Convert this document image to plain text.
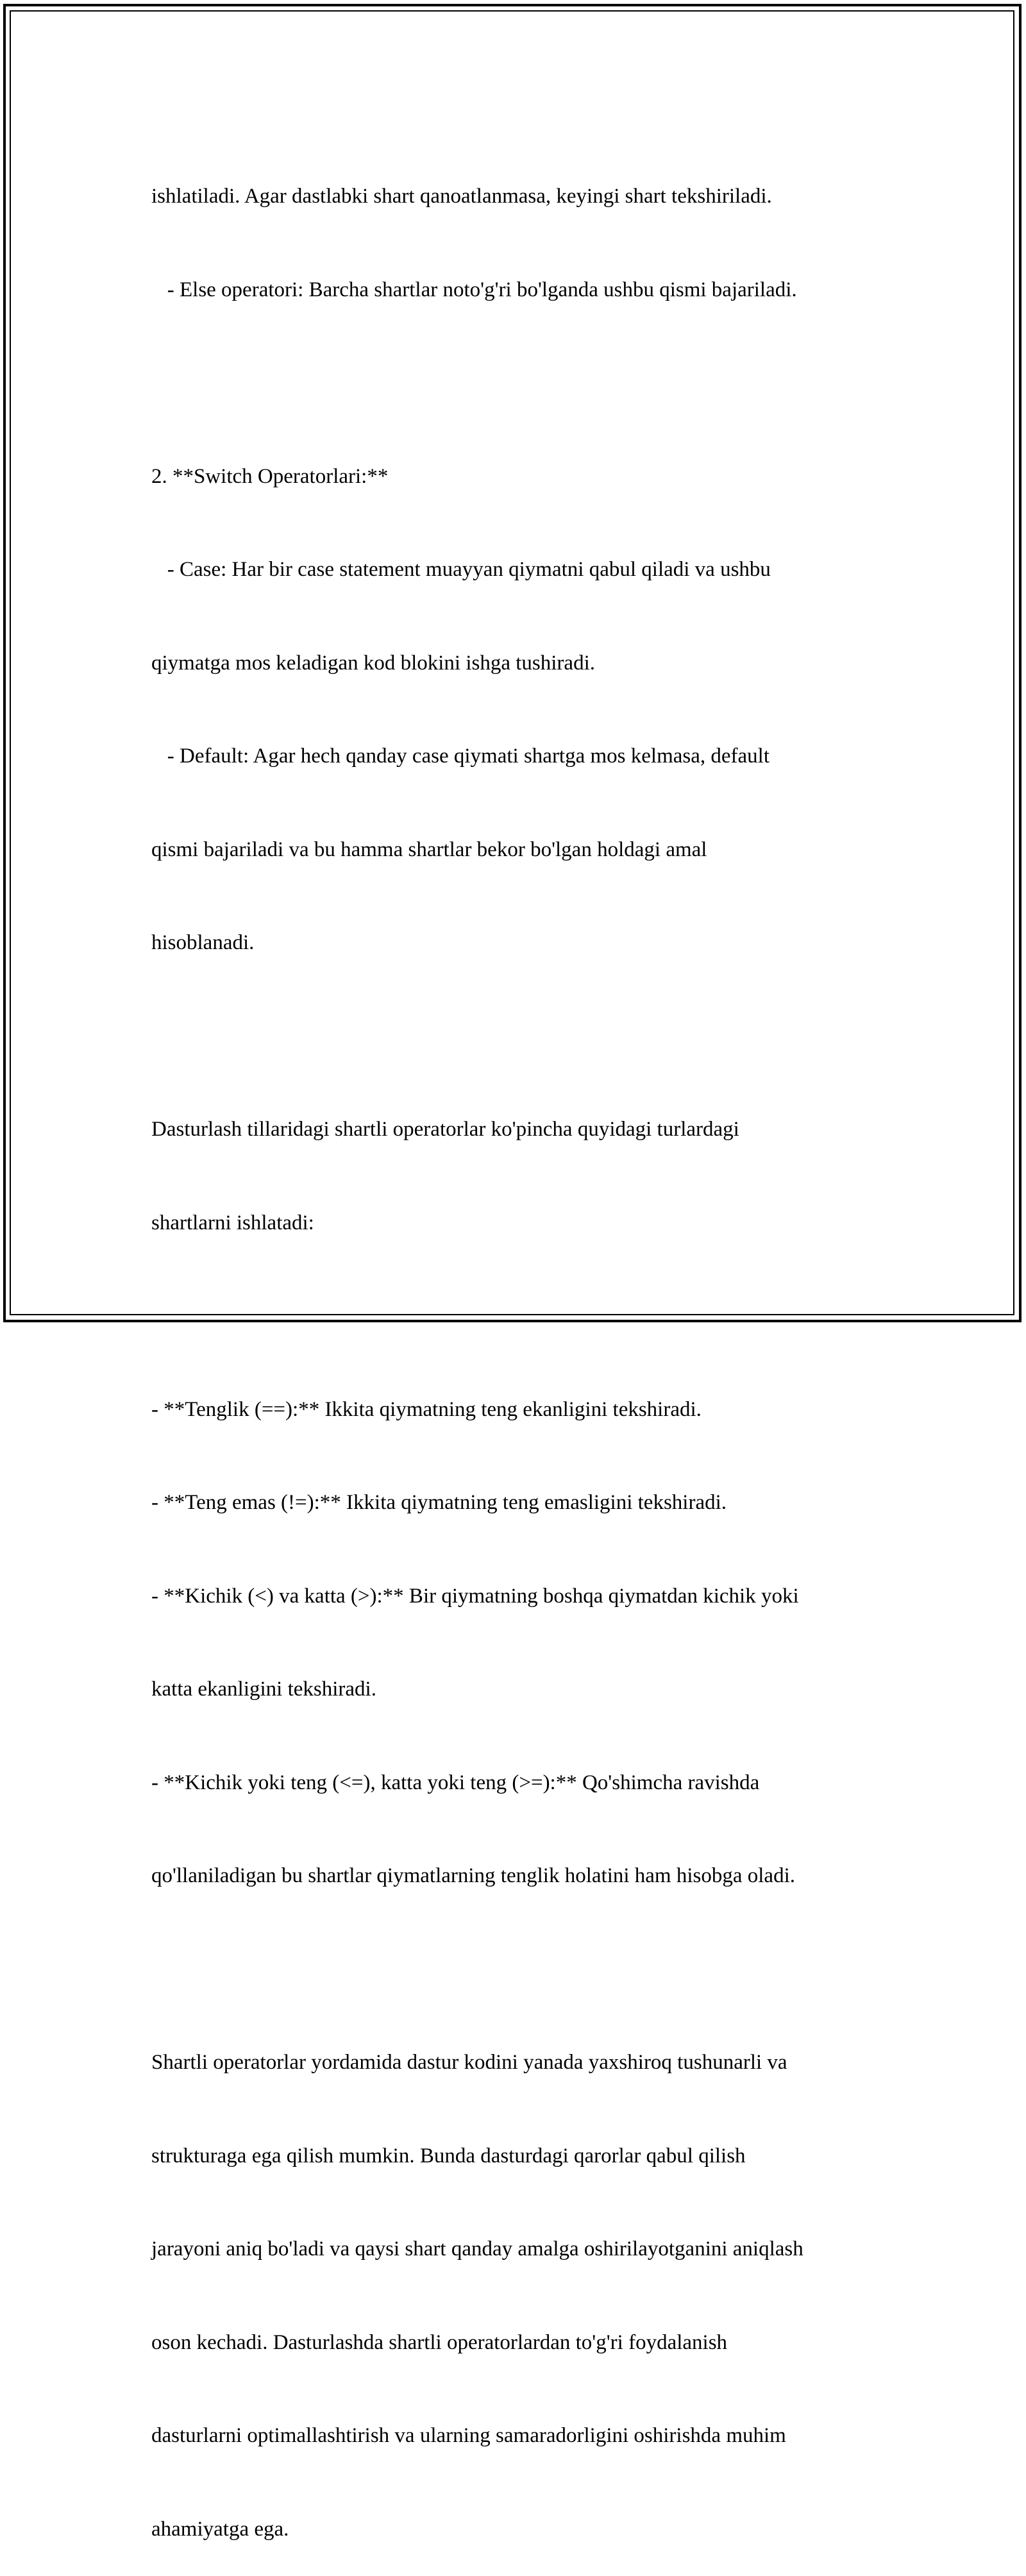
ishlatiladi. Agar dastlabki shart qanoatlanmasa, keyingi shart tekshiriladi.

- Else operatori: Barcha shartlar noto'g'ri bo'lganda ushbu qismi bajariladi.

2. **Switch Operatorlari:**

- Case: Har bir case statement muayyan qiymatni qabul qiladi va ushbu

qiymatga mos keladigan kod blokini ishga tushiradi.

- Default: Agar hech qanday case qiymati shartga mos kelmasa, default

qismi bajariladi va bu hamma shartlar bekor bo'lgan holdagi amal

hisoblanadi.

Dasturlash tillaridagi shartli operatorlar ko'pincha quyidagi turlardagi

shartlarni ishlatadi:

- **Tenglik (==):** Ikkita qiymatning teng ekanligini tekshiradi.

- **Teng emas (!=):** Ikkita qiymatning teng emasligini tekshiradi.

- **Kichik (<) va katta (>):** Bir qiymatning boshqa qiymatdan kichik yoki

katta ekanligini tekshiradi.

- **Kichik yoki teng (<=), katta yoki teng (>=):** Qo'shimcha ravishda

qo'llaniladigan bu shartlar qiymatlarning tenglik holatini ham hisobga oladi.

Shartli operatorlar yordamida dastur kodini yanada yaxshiroq tushunarli va

strukturaga ega qilish mumkin. Bunda dasturdagi qarorlar qabul qilish

jarayoni aniq bo'ladi va qaysi shart qanday amalga oshirilayotganini aniqlash

oson kechadi. Dasturlashda shartli operatorlardan to'g'ri foydalanish

dasturlarni optimallashtirish va ularning samaradorligini oshirishda muhim

ahamiyatga ega.
